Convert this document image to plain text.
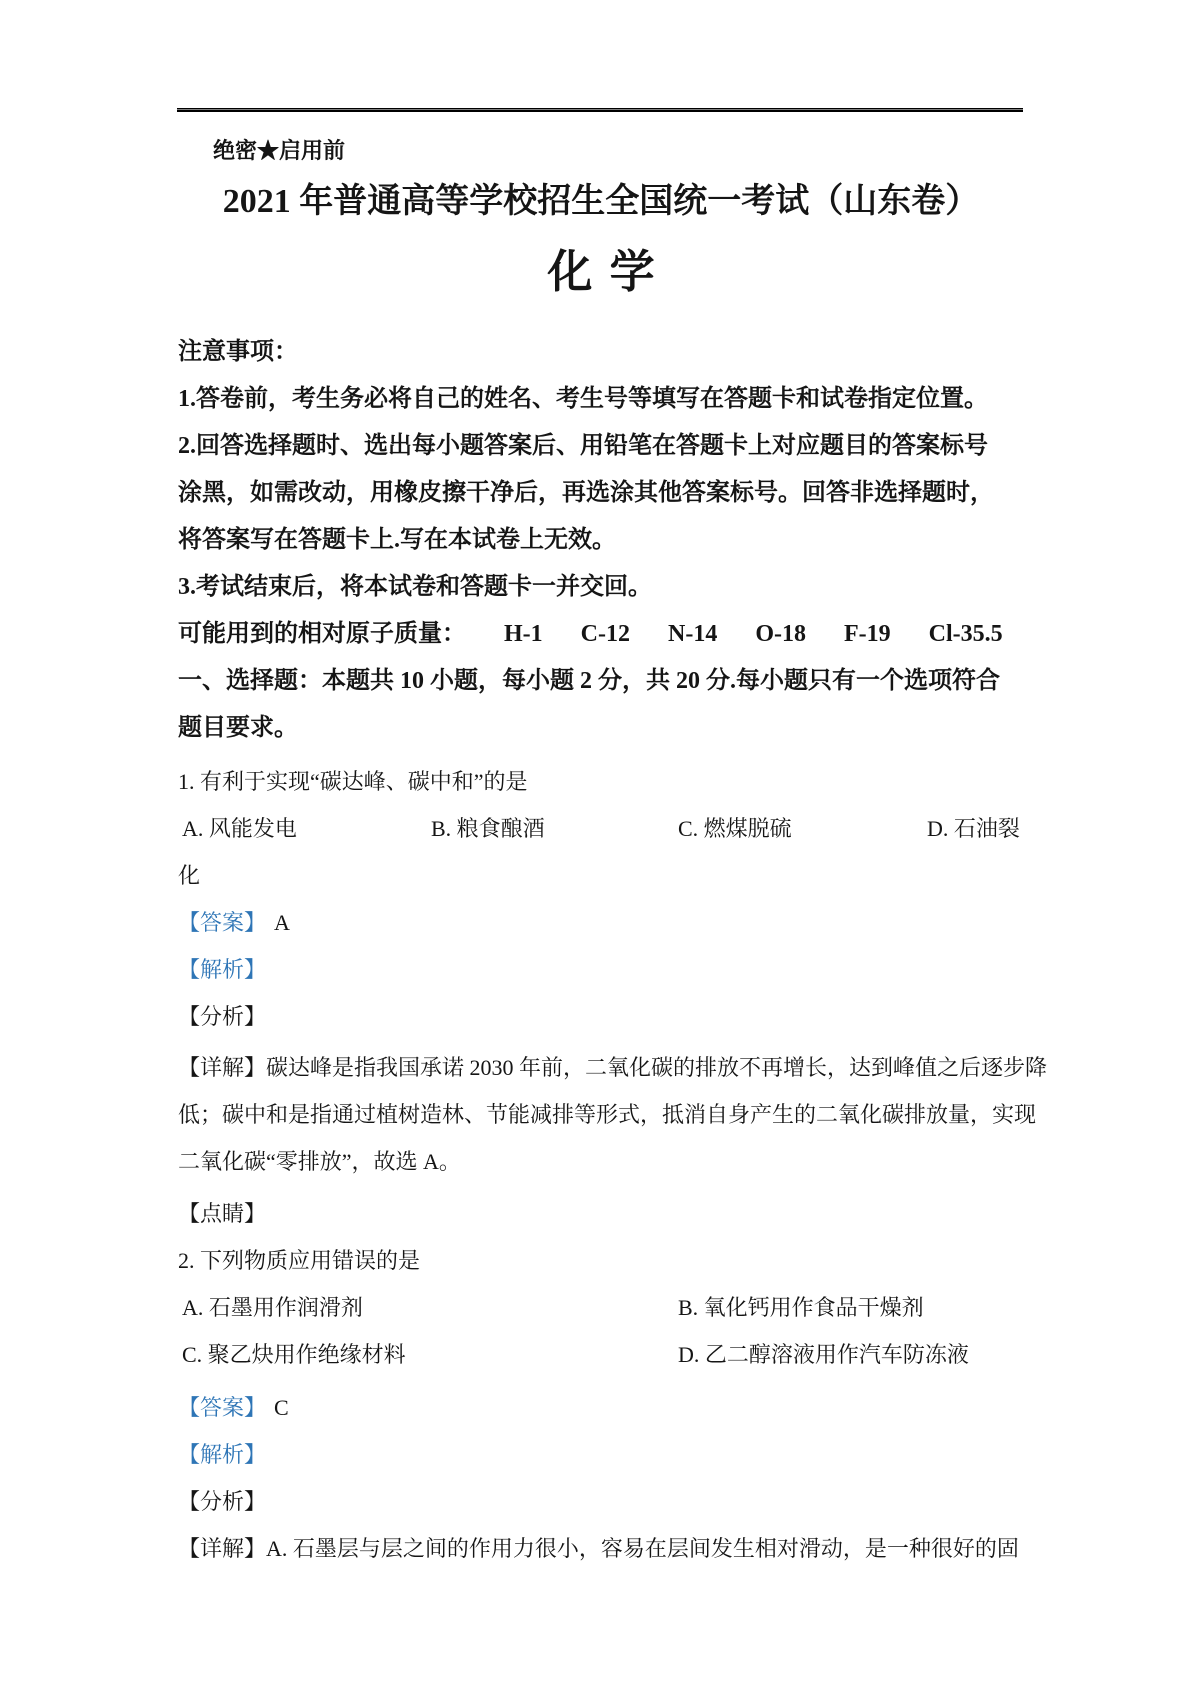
绝密★启用前
2021 年普通高等学校招生全国统一考试（山东卷）
化 学
注意事项：
1.答卷前，考生务必将自己的姓名、考生号等填写在答题卡和试卷指定位置。
2.回答选择题时、选出每小题答案后、用铅笔在答题卡上对应题目的答案标号
涂黑，如需改动，用橡皮擦干净后，再选涂其他答案标号。回答非选择题时，
将答案写在答题卡上.写在本试卷上无效。
3.考试结束后，将本试卷和答题卡一并交回。
可能用到的相对原子质量： H-1 C-12 N-14 O-18 F-19 Cl-35.5
一、选择题：本题共 10 小题，每小题 2 分，共 20 分.每小题只有一个选项符合
题目要求。
1. 有利于实现“碳达峰、碳中和”的是
A. 风能发电	B. 粮食酿酒	C. 燃煤脱硫	D. 石油裂
化
【答案】 A
【解析】
【分析】
【详解】碳达峰是指我国承诺 2030 年前，二氧化碳的排放不再增长，达到峰值之后逐步降
低；碳中和是指通过植树造林、节能减排等形式，抵消自身产生的二氧化碳排放量，实现
二氧化碳“零排放”，故选 A。
【点睛】
2. 下列物质应用错误的是
A. 石墨用作润滑剂	B. 氧化钙用作食品干燥剂
C. 聚乙炔用作绝缘材料	D. 乙二醇溶液用作汽车防冻液
【答案】 C
【解析】
【分析】
【详解】A. 石墨层与层之间的作用力很小，容易在层间发生相对滑动，是一种很好的固
